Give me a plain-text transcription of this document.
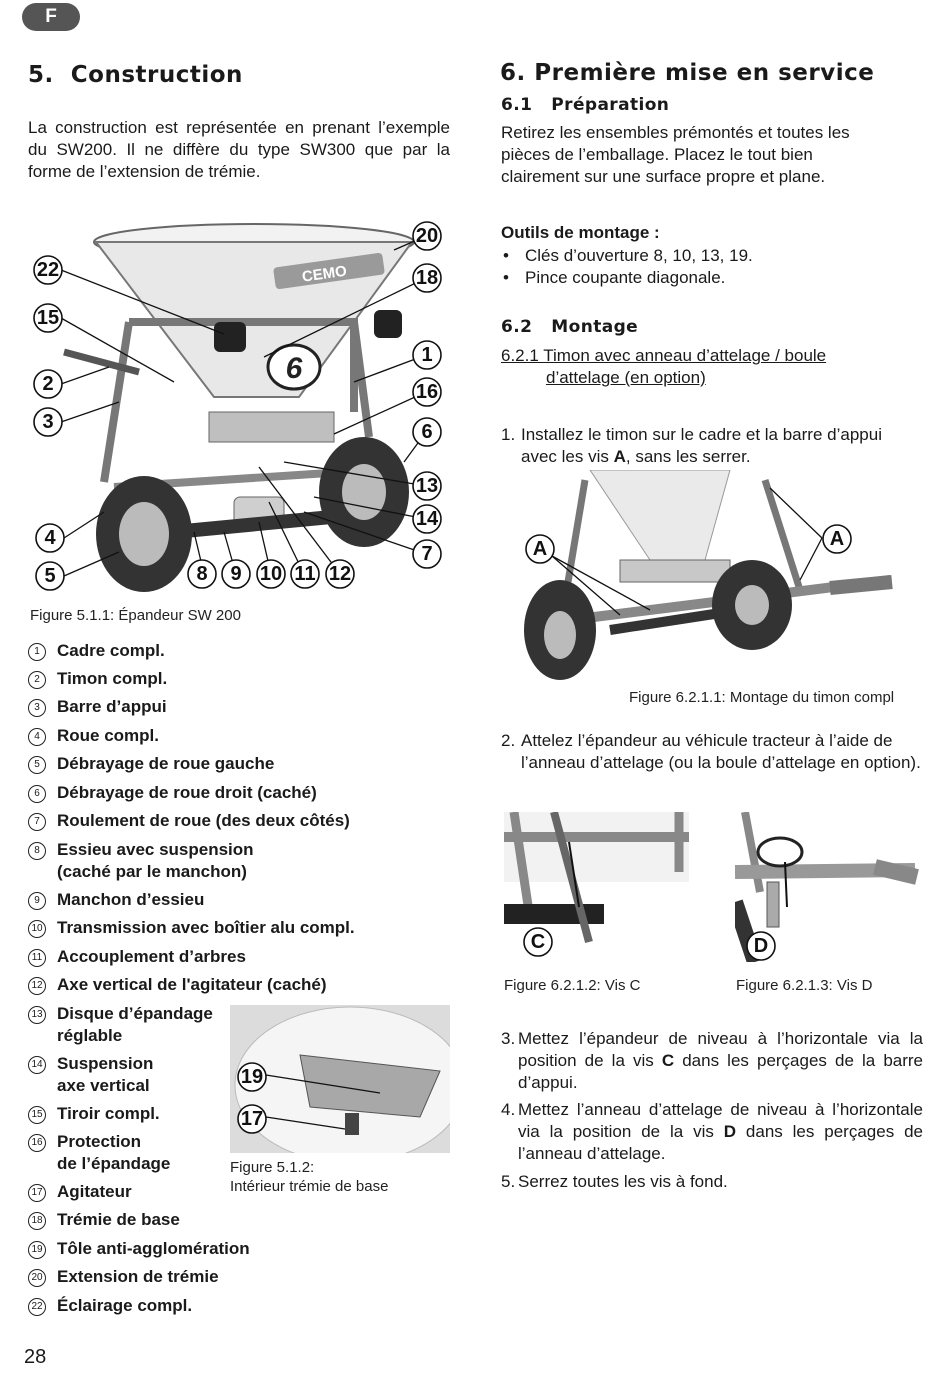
F
5. Construction

La construction est représentée en prenant l’exemple du SW200. Il ne diffère du type SW300 que par la forme de l’extension de trémie.

CEMO
6
22
15
2
3
4
5
20
18
1
16
6
13
14
7
8 9 10 11 12
Figure 5.1.1: Épandeur SW 200
1	Cadre compl.
2	Timon compl.
3	Barre d’appui
4	Roue compl.
5	Débrayage de roue gauche
6	Débrayage de roue droit (caché)
7	Roulement de roue (des deux côtés)
8	Essieu avec suspension
(caché par le manchon)
9	Manchon d’essieu
10 Transmission avec boîtier alu compl.
11 Accouplement d’arbres
12 Axe vertical de l'agitateur (caché)
13 Disque d’épandage
réglable
14 Suspension
axe vertical
15 Tiroir compl.
16 Protection
de l’épandage
17 Agitateur
18 Trémie de base
19 Tôle anti-agglomération
20 Extension de trémie
22 Éclairage compl.
19
17
Figure 5.1.2:
Intérieur trémie de base
6. Première mise en service
6.1 Préparation

Retirez les ensembles prémontés et toutes les pièces de l’emballage. Placez le tout bien clairement sur une surface propre et plane.

Outils de montage :
• Clés d’ouverture 8, 10, 13, 19.
• Pince coupante diagonale.
6.2 Montage
6.2.1 Timon avec anneau d’attelage / boule
d’attelage (en option)
1. Installez le timon sur le cadre et la barre d’appui avec les vis A, sans les serrer.
A	A
Figure 6.2.1.1: Montage du timon compl
2. Attelez l’épandeur au véhicule tracteur à l’aide de l’anneau d’attelage (ou la boule d’attelage en option).
C
Figure 6.2.1.2: Vis C
D
Figure 6.2.1.3: Vis D
3. Mettez l’épandeur de niveau à l’horizontale via la position de la vis C dans les perçages de la barre d’appui.
4. Mettez l’anneau d’attelage de niveau à l’horizontale via la position de la vis D dans les perçages de l’anneau d’attelage.
5. Serrez toutes les vis à fond.
28
